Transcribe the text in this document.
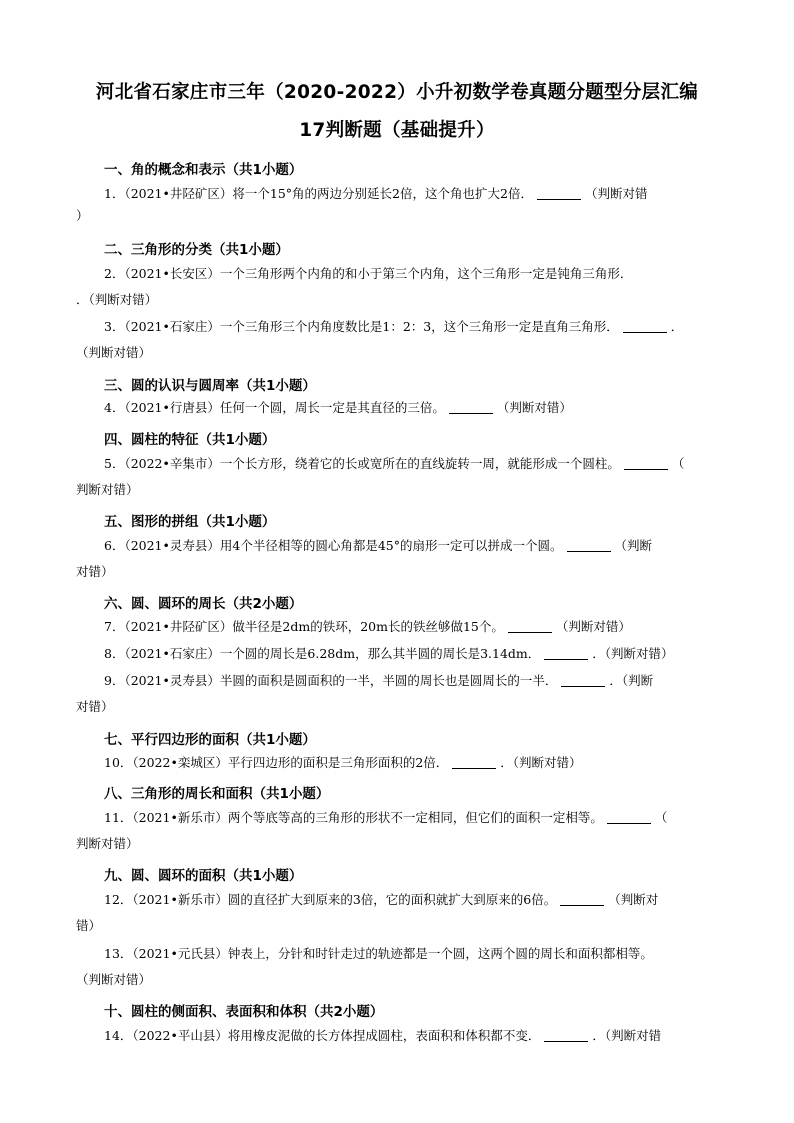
河北省石家庄市三年（2020-2022）小升初数学卷真题分题型分层汇编
17判断题（基础提升）
一、角的概念和表示（共1小题）
1．（2021•井陉矿区）将一个15°角的两边分别延长2倍，这个角也扩大2倍．	（判断对错
）
二、三角形的分类（共1小题）
2．（2021•长安区）一个三角形两个内角的和小于第三个内角，这个三角形一定是钝角三角形．
．（判断对错）
3．（2021•石家庄）一个三角形三个内角度数比是1：2：3，这个三角形一定是直角三角形．	．
（判断对错）
三、圆的认识与圆周率（共1小题）
4．（2021•行唐县）任何一个圆，周长一定是其直径的三倍。	（判断对错）
四、圆柱的特征（共1小题）
5．（2022•辛集市）一个长方形，绕着它的长或宽所在的直线旋转一周，就能形成一个圆柱。	（
判断对错）
五、图形的拼组（共1小题）
6．（2021•灵寿县）用4个半径相等的圆心角都是45°的扇形一定可以拼成一个圆。	（判断
对错）
六、圆、圆环的周长（共2小题）
7．（2021•井陉矿区）做半径是2dm的铁环，20m长的铁丝够做15个。	（判断对错）
8．（2021•石家庄）一个圆的周长是6.28dm，那么其半圆的周长是3.14dm．	．（判断对错）
9．（2021•灵寿县）半圆的面积是圆面积的一半，半圆的周长也是圆周长的一半．	．（判断
对错）
七、平行四边形的面积（共1小题）
10．（2022•栾城区）平行四边形的面积是三角形面积的2倍．	．（判断对错）
八、三角形的周长和面积（共1小题）
11．（2021•新乐市）两个等底等高的三角形的形状不一定相同，但它们的面积一定相等。	（
判断对错）
九、圆、圆环的面积（共1小题）
12．（2021•新乐市）圆的直径扩大到原来的3倍，它的面积就扩大到原来的6倍。	（判断对
错）
13．（2021•元氏县）钟表上，分针和时针走过的轨迹都是一个圆，这两个圆的周长和面积都相等。
（判断对错）
十、圆柱的侧面积、表面积和体积（共2小题）
14．（2022•平山县）将用橡皮泥做的长方体捏成圆柱，表面积和体积都不变．	．（判断对错
